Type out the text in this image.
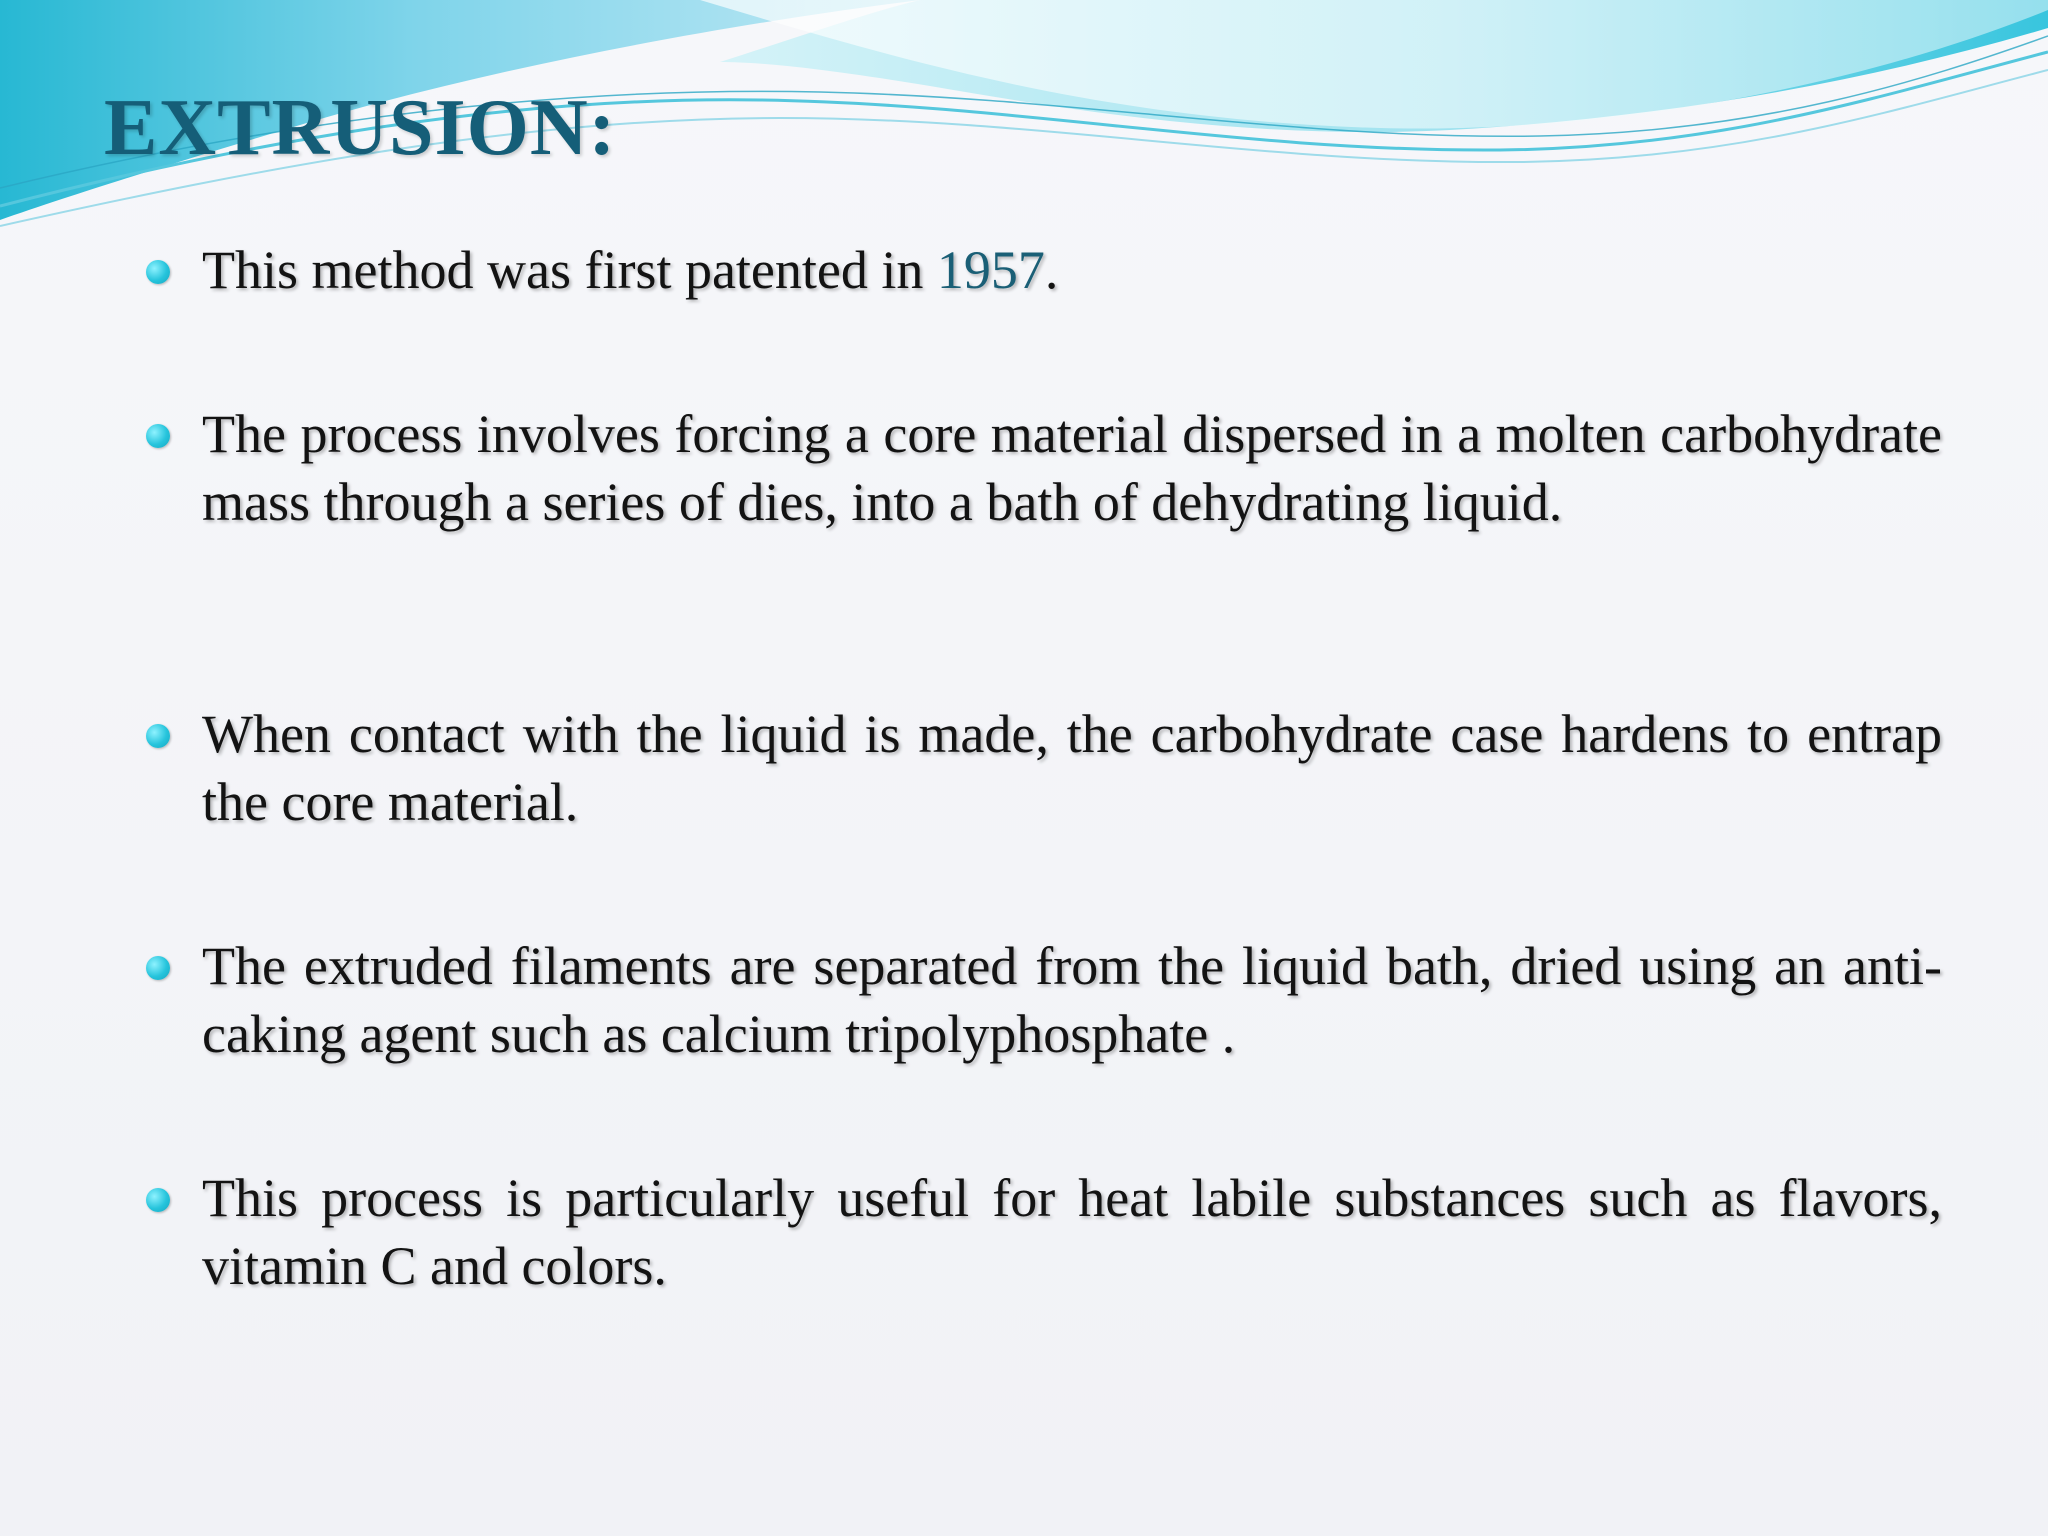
EXTRUSION:
This method was first patented in 1957.
The process involves forcing a core material dispersed in a molten carbohydrate mass through a series of dies, into a bath of dehydrating liquid.
When contact with the liquid is made, the carbohydrate case hardens to entrap the core material.
The extruded filaments are separated from the liquid bath, dried using an anti-caking agent such as calcium tripolyphosphate .
This process is particularly useful for heat labile substances such as flavors, vitamin C and colors.
